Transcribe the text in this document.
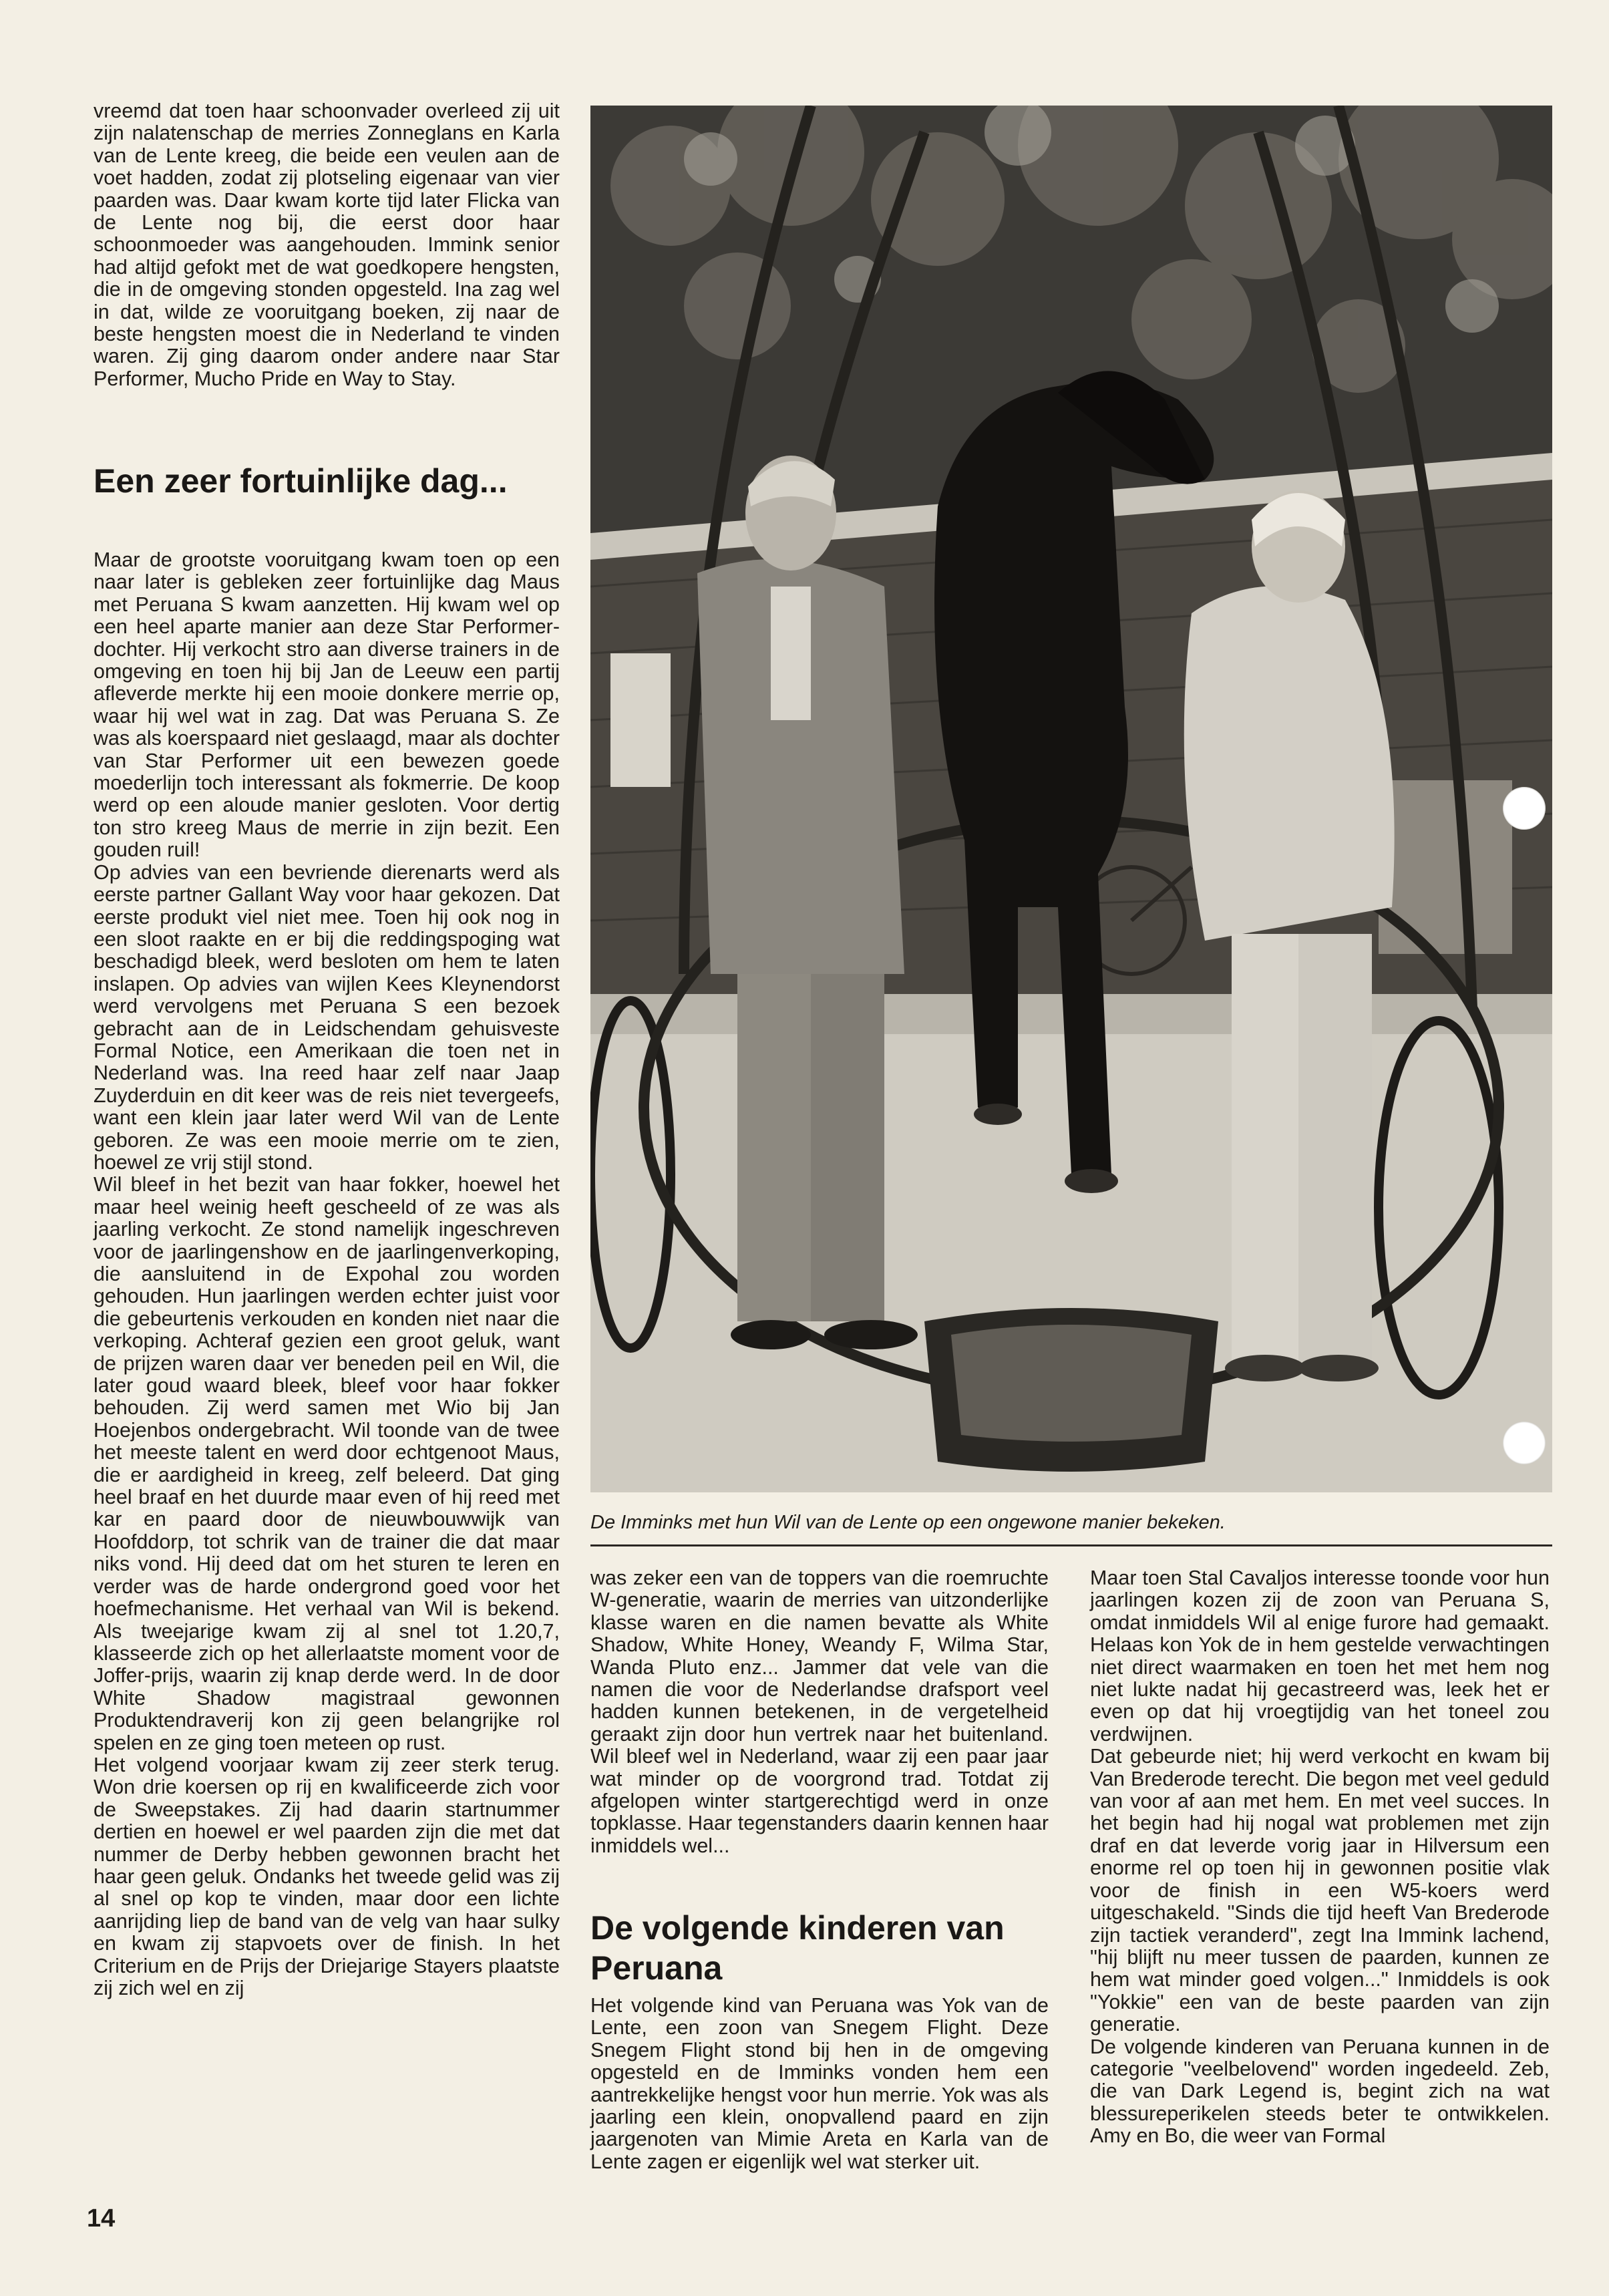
vreemd dat toen haar schoonvader overleed zij uit zijn nalatenschap de merries Zonneglans en Karla van de Lente kreeg, die beide een veulen aan de voet hadden, zodat zij plotseling eigenaar van vier paarden was. Daar kwam korte tijd later Flicka van de Lente nog bij, die eerst door haar schoonmoeder was aangehouden. Immink senior had altijd gefokt met de wat goedkopere hengsten, die in de omgeving stonden opgesteld. Ina zag wel in dat, wilde ze vooruitgang boeken, zij naar de beste hengsten moest die in Nederland te vinden waren. Zij ging daarom onder andere naar Star Performer, Mucho Pride en Way to Stay.

Een zeer fortuinlijke dag...

Maar de grootste vooruitgang kwam toen op een naar later is gebleken zeer fortuinlijke dag Maus met Peruana S kwam aanzetten. Hij kwam wel op een heel aparte manier aan deze Star Performer-dochter. Hij verkocht stro aan diverse trainers in de omgeving en toen hij bij Jan de Leeuw een partij afleverde merkte hij een mooie donkere merrie op, waar hij wel wat in zag. Dat was Peruana S. Ze was als koerspaard niet geslaagd, maar als dochter van Star Performer uit een bewezen goede moederlijn toch interessant als fokmerrie. De koop werd op een aloude manier gesloten. Voor dertig ton stro kreeg Maus de merrie in zijn bezit. Een gouden ruil!

Op advies van een bevriende dierenarts werd als eerste partner Gallant Way voor haar gekozen. Dat eerste produkt viel niet mee. Toen hij ook nog in een sloot raakte en er bij die reddingspoging wat beschadigd bleek, werd besloten om hem te laten inslapen. Op advies van wijlen Kees Kleynendorst werd vervolgens met Peruana S een bezoek gebracht aan de in Leidschendam gehuisveste Formal Notice, een Amerikaan die toen net in Nederland was. Ina reed haar zelf naar Jaap Zuyderduin en dit keer was de reis niet tevergeefs, want een klein jaar later werd Wil van de Lente geboren. Ze was een mooie merrie om te zien, hoewel ze vrij stijl stond.

Wil bleef in het bezit van haar fokker, hoewel het maar heel weinig heeft gescheeld of ze was als jaarling verkocht. Ze stond namelijk ingeschreven voor de jaarlingenshow en de jaarlingenverkoping, die aansluitend in de Expohal zou worden gehouden. Hun jaarlingen werden echter juist voor die gebeurtenis verkouden en konden niet naar die verkoping. Achteraf gezien een groot geluk, want de prijzen waren daar ver beneden peil en Wil, die later goud waard bleek, bleef voor haar fokker behouden. Zij werd samen met Wio bij Jan Hoejenbos ondergebracht. Wil toonde van de twee het meeste talent en werd door echtgenoot Maus, die er aardigheid in kreeg, zelf beleerd. Dat ging heel braaf en het duurde maar even of hij reed met kar en paard door de nieuwbouwwijk van Hoofddorp, tot schrik van de trainer die dat maar niks vond. Hij deed dat om het sturen te leren en verder was de harde ondergrond goed voor het hoefmechanisme. Het verhaal van Wil is bekend. Als tweejarige kwam zij al snel tot 1.20,7, klasseerde zich op het allerlaatste moment voor de Joffer-prijs, waarin zij knap derde werd. In de door White Shadow magistraal gewonnen Produktendraverij kon zij geen belangrijke rol spelen en ze ging toen meteen op rust.

Het volgend voorjaar kwam zij zeer sterk terug. Won drie koersen op rij en kwalificeerde zich voor de Sweepstakes. Zij had daarin startnummer dertien en hoewel er wel paarden zijn die met dat nummer de Derby hebben gewonnen bracht het haar geen geluk. Ondanks het tweede gelid was zij al snel op kop te vinden, maar door een lichte aanrijding liep de band van de velg van haar sulky en kwam zij stapvoets over de finish. In het Criterium en de Prijs der Driejarige Stayers plaatste zij zich wel en zij

De Imminks met hun Wil van de Lente op een ongewone manier bekeken.

was zeker een van de toppers van die roemruchte W-generatie, waarin de merries van uitzonderlijke klasse waren en die namen bevatte als White Shadow, White Honey, Weandy F, Wilma Star, Wanda Pluto enz... Jammer dat vele van die namen die voor de Nederlandse drafsport veel hadden kunnen betekenen, in de vergetelheid geraakt zijn door hun vertrek naar het buitenland. Wil bleef wel in Nederland, waar zij een paar jaar wat minder op de voorgrond trad. Totdat zij afgelopen winter startgerechtigd werd in onze topklasse. Haar tegenstanders daarin kennen haar inmiddels wel...

De volgende kinderen van Peruana

Het volgende kind van Peruana was Yok van de Lente, een zoon van Snegem Flight. Deze Snegem Flight stond bij hen in de omgeving opgesteld en de Imminks vonden hem een aantrekkelijke hengst voor hun merrie. Yok was als jaarling een klein, onopvallend paard en zijn jaargenoten van Mimie Areta en Karla van de Lente zagen er eigenlijk wel wat sterker uit.

Maar toen Stal Cavaljos interesse toonde voor hun jaarlingen kozen zij de zoon van Peruana S, omdat inmiddels Wil al enige furore had gemaakt. Helaas kon Yok de in hem gestelde verwachtingen niet direct waarmaken en toen het met hem nog niet lukte nadat hij gecastreerd was, leek het er even op dat hij vroegtijdig van het toneel zou verdwijnen.

Dat gebeurde niet; hij werd verkocht en kwam bij Van Brederode terecht. Die begon met veel geduld van voor af aan met hem. En met veel succes. In het begin had hij nogal wat problemen met zijn draf en dat leverde vorig jaar in Hilversum een enorme rel op toen hij in gewonnen positie vlak voor de finish in een W5-koers werd uitgeschakeld. "Sinds die tijd heeft Van Brederode zijn tactiek veranderd", zegt Ina Immink lachend, "hij blijft nu meer tussen de paarden, kunnen ze hem wat minder goed volgen..." Inmiddels is ook "Yokkie" een van de beste paarden van zijn generatie.

De volgende kinderen van Peruana kunnen in de categorie "veelbelovend" worden ingedeeld. Zeb, die van Dark Legend is, begint zich na wat blessureperikelen steeds beter te ontwikkelen. Amy en Bo, die weer van Formal

14
